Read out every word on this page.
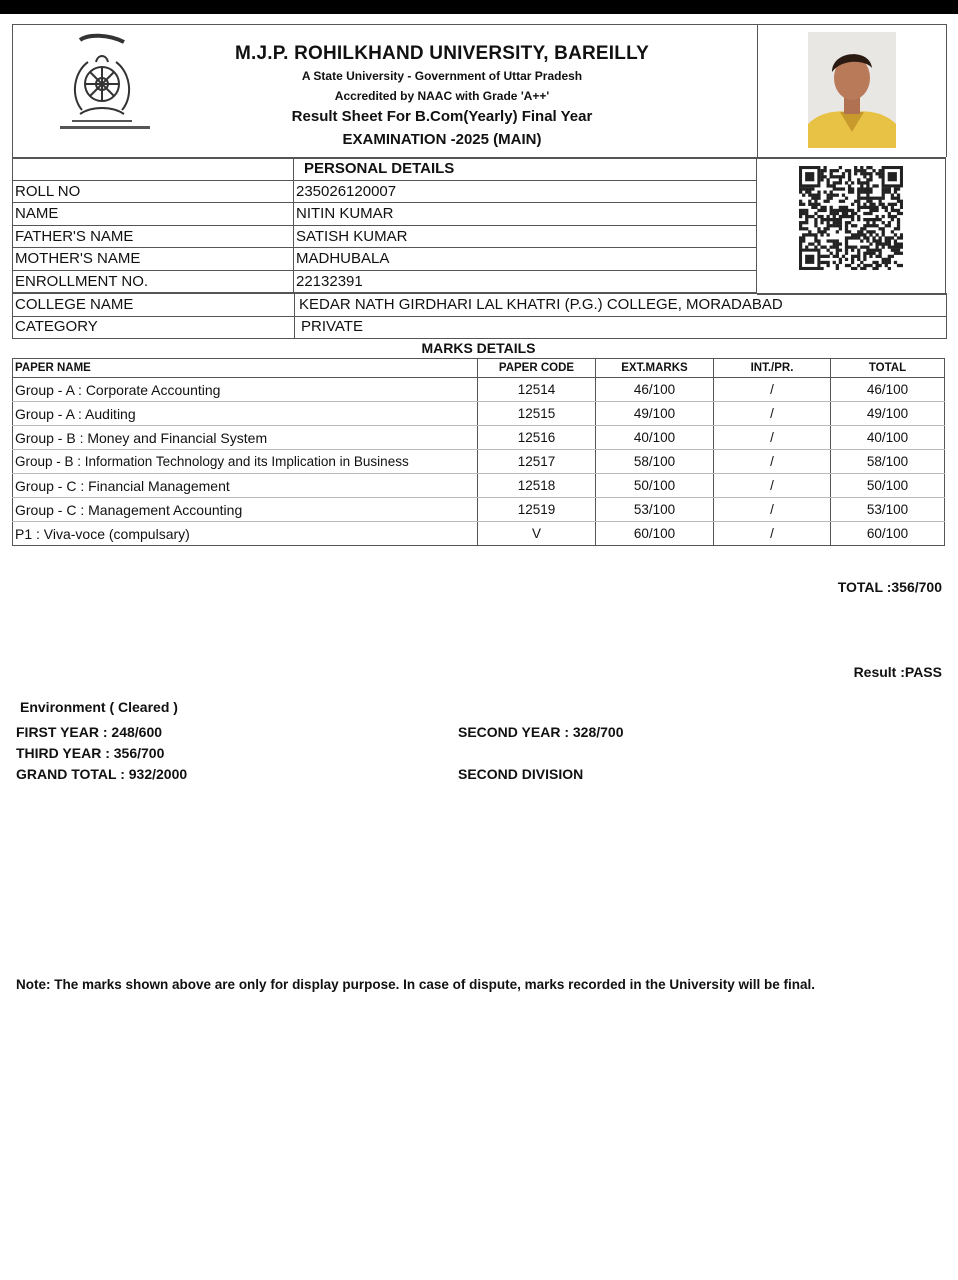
M.J.P. ROHILKHAND UNIVERSITY, BAREILLY
A State University - Government of Uttar Pradesh
Accredited by NAAC with Grade 'A++'
Result Sheet For B.Com(Yearly) Final Year
EXAMINATION -2025 (MAIN)
	PERSONAL DETAILS
ROLL NO	235026120007
NAME	NITIN KUMAR
FATHER'S NAME	SATISH KUMAR
MOTHER'S NAME	MADHUBALA
ENROLLMENT NO.	22132391
COLLEGE NAME	KEDAR NATH GIRDHARI LAL KHATRI (P.G.) COLLEGE, MORADABAD
CATEGORY	PRIVATE
MARKS DETAILS
PAPER NAME	PAPER CODE	EXT.MARKS	INT./PR.	TOTAL
Group - A : Corporate Accounting	12514	46/100	/	46/100
Group - A : Auditing	12515	49/100	/	49/100
Group - B : Money and Financial System	12516	40/100	/	40/100
Group - B : Information Technology and its Implication in Business	12517	58/100	/	58/100
Group - C : Financial Management	12518	50/100	/	50/100
Group - C : Management Accounting	12519	53/100	/	53/100
P1 : Viva-voce (compulsary)	V	60/100	/	60/100
TOTAL :356/700
Result :PASS
Environment ( Cleared )
FIRST YEAR : 248/600	SECOND YEAR : 328/700
THIRD YEAR : 356/700
GRAND TOTAL : 932/2000	SECOND DIVISION
Note: The marks shown above are only for display purpose. In case of dispute, marks recorded in the University will be final.
